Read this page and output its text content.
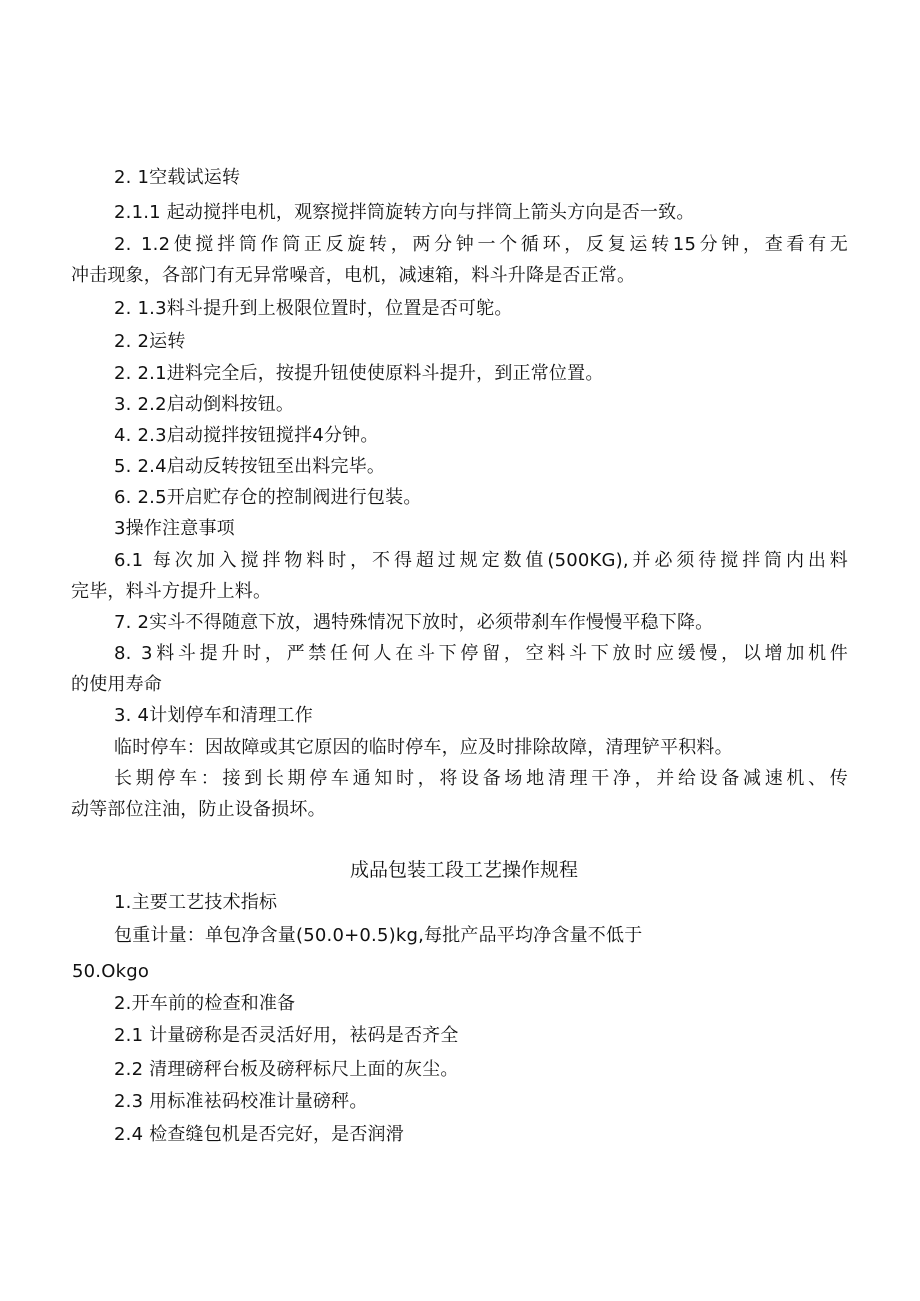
2. 1空载试运转
2.1.1 起动搅拌电机，观察搅拌筒旋转方向与拌筒上箭头方向是否一致。
2. 1.2使搅拌筒作筒正反旋转，两分钟一个循环，反复运转15分钟，查看有无
冲击现象，各部门有无异常噪音，电机，减速箱，料斗升降是否正常。
2. 1.3料斗提升到上极限位置时，位置是否可鸵。
2. 2运转
2. 2.1进料完全后，按提升钮使使原料斗提升，到正常位置。
3. 2.2启动倒料按钮。
4. 2.3启动搅拌按钮搅拌4分钟。
5. 2.4启动反转按钮至出料完毕。
6. 2.5开启贮存仓的控制阀进行包装。
3操作注意事项
6.1 每次加入搅拌物料时，不得超过规定数值(500KG),并必须待搅拌筒内出料
完毕，料斗方提升上料。
7. 2实斗不得随意下放，遇特殊情况下放时，必须带刹车作慢慢平稳下降。
8. 3料斗提升时，严禁任何人在斗下停留，空料斗下放时应缓慢，以增加机件
的使用寿命
3. 4计划停车和清理工作
临时停车：因故障或其它原因的临时停车，应及时排除故障，清理铲平积料。
长期停车：接到长期停车通知时，将设备场地清理干净，并给设备减速机、传
动等部位注油，防止设备损坏。
成品包装工段工艺操作规程
1.主要工艺技术指标
包重计量：单包净含量(50.0+0.5)kg,每批产品平均净含量不低于
50.Okgo
2.开车前的检查和准备
2.1 计量磅称是否灵活好用，袪码是否齐全
2.2 清理磅秤台板及磅秤标尺上面的灰尘。
2.3 用标准袪码校准计量磅秤。
2.4 检查缝包机是否完好，是否润滑
